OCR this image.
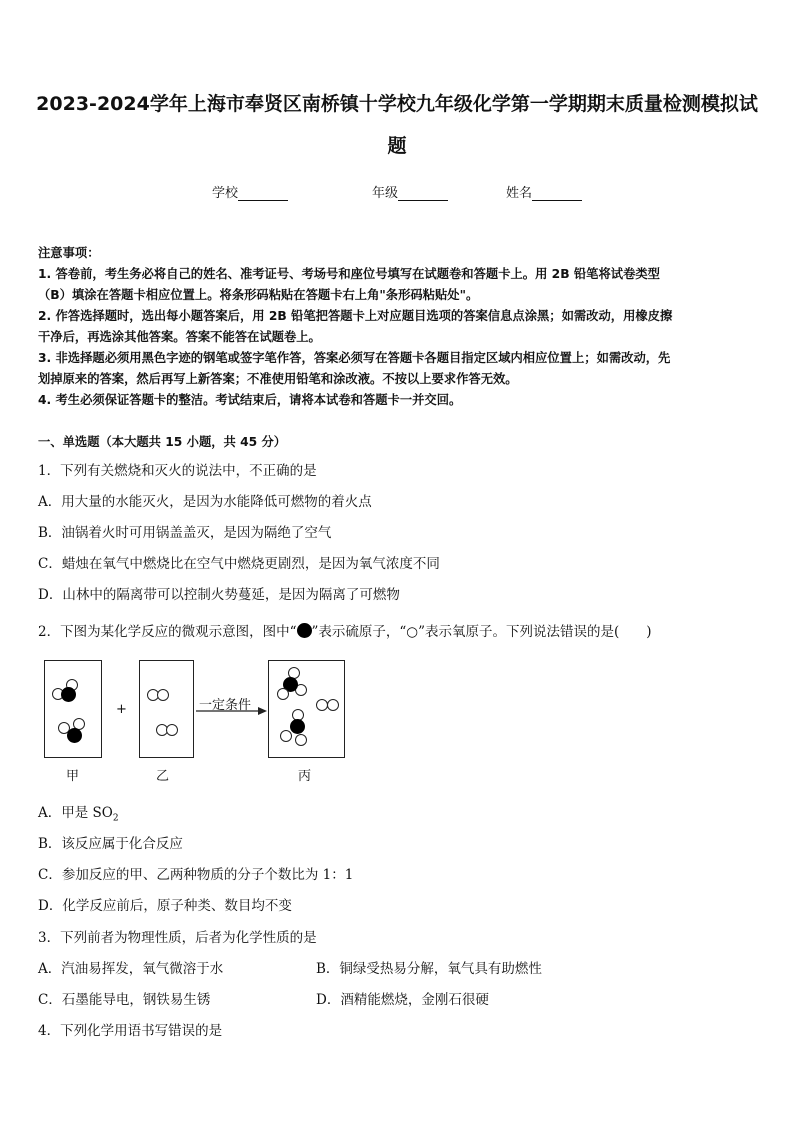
2023-2024学年上海市奉贤区南桥镇十学校九年级化学第一学期期末质量检测模拟试
题
学校	年级	姓名
注意事项：
1. 答卷前，考生务必将自己的姓名、准考证号、考场号和座位号填写在试题卷和答题卡上。用 2B 铅笔将试卷类型
（B）填涂在答题卡相应位置上。将条形码粘贴在答题卡右上角"条形码粘贴处"。
2. 作答选择题时，选出每小题答案后，用 2B 铅笔把答题卡上对应题目选项的答案信息点涂黑；如需改动，用橡皮擦
干净后，再选涂其他答案。答案不能答在试题卷上。
3. 非选择题必须用黑色字迹的钢笔或签字笔作答，答案必须写在答题卡各题目指定区域内相应位置上；如需改动，先
划掉原来的答案，然后再写上新答案；不准使用铅笔和涂改液。不按以上要求作答无效。
4. 考生必须保证答题卡的整洁。考试结束后，请将本试卷和答题卡一并交回。
一、单选题（本大题共 15 小题，共 45 分）
1．下列有关燃烧和灭火的说法中，不正确的是
A．用大量的水能灭火，是因为水能降低可燃物的着火点
B．油锅着火时可用锅盖盖灭，是因为隔绝了空气
C．蜡烛在氧气中燃烧比在空气中燃烧更剧烈，是因为氧气浓度不同
D．山林中的隔离带可以控制火势蔓延，是因为隔离了可燃物
2．下图为某化学反应的微观示意图，图中“ ”表示硫原子，“○”表示氧原子。下列说法错误的是(　　)
甲
+
乙
一定条件
丙
A．甲是 $SO_2$
B．该反应属于化合反应
C．参加反应的甲、乙两种物质的分子个数比为 1：1
D．化学反应前后，原子种类、数目均不变
3．下列前者为物理性质，后者为化学性质的是
A．汽油易挥发，氧气微溶于水	B．铜绿受热易分解，氧气具有助燃性
C．石墨能导电，钢铁易生锈	D．酒精能燃烧，金刚石很硬
4．下列化学用语书写错误的是
